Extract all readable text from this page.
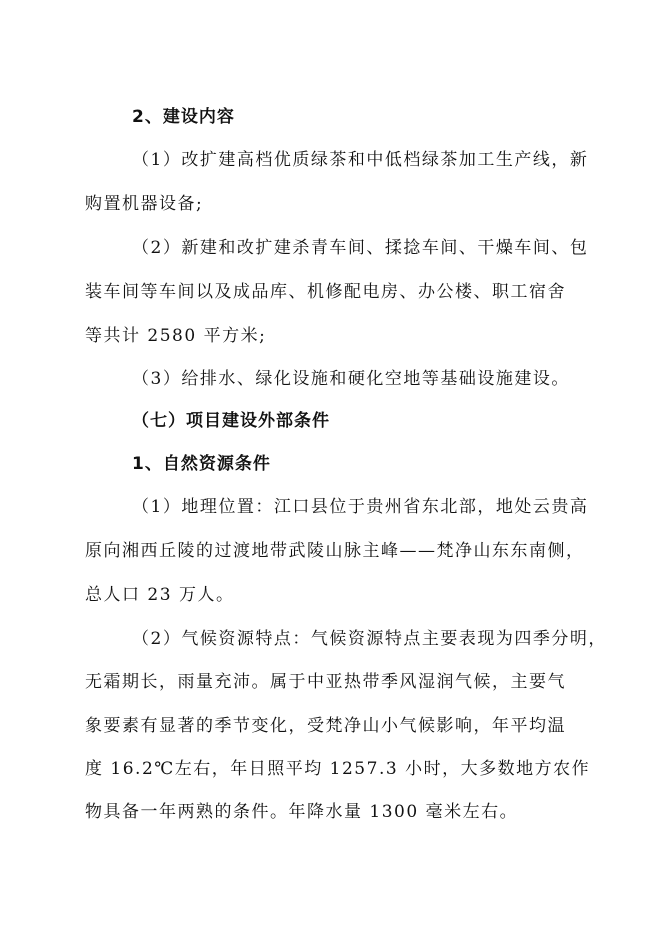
2、建设内容
（1）改扩建高档优质绿茶和中低档绿茶加工生产线，新
购置机器设备;
（2）新建和改扩建杀青车间、揉捻车间、干燥车间、包
装车间等车间以及成品库、机修配电房、办公楼、职工宿舍
等共计 2580 平方米;
（3）给排水、绿化设施和硬化空地等基础设施建设。
（七）项目建设外部条件
1、自然资源条件
（1）地理位置：江口县位于贵州省东北部，地处云贵高
原向湘西丘陵的过渡地带武陵山脉主峰——梵净山东东南侧，
总人口 23 万人。
（2）气候资源特点：气候资源特点主要表现为四季分明，
无霜期长，雨量充沛。属于中亚热带季风湿润气候，主要气
象要素有显著的季节变化，受梵净山小气候影响，年平均温
度 16.2℃左右，年日照平均 1257.3 小时，大多数地方农作
物具备一年两熟的条件。年降水量 1300 毫米左右。
